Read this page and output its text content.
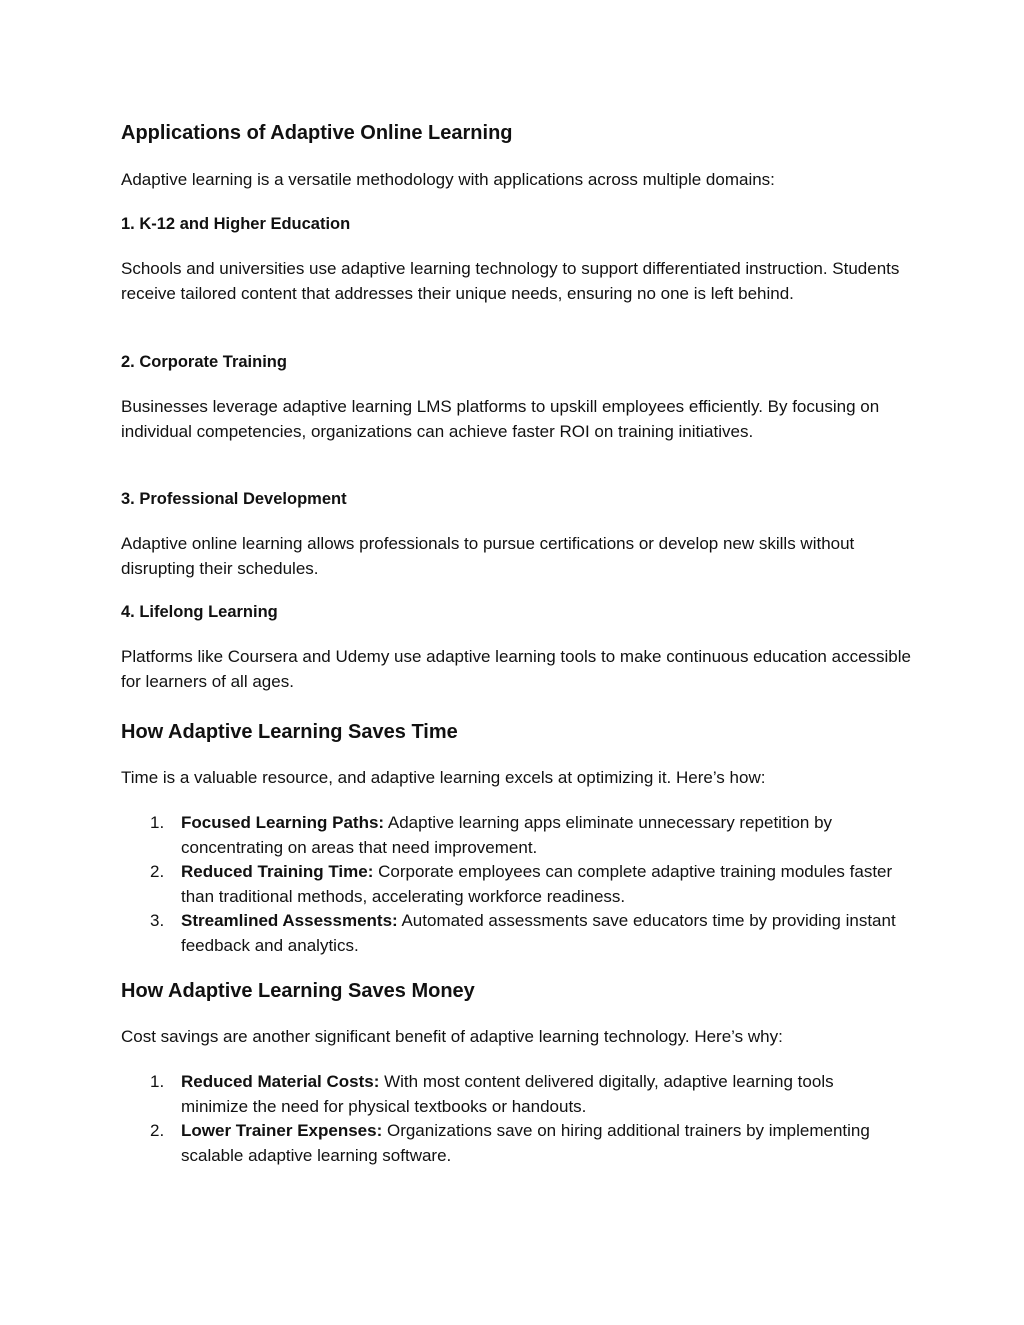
Applications of Adaptive Online Learning

Adaptive learning is a versatile methodology with applications across multiple domains:

1. K-12 and Higher Education

Schools and universities use adaptive learning technology to support differentiated instruction. Students receive tailored content that addresses their unique needs, ensuring no one is left behind.

2. Corporate Training

Businesses leverage adaptive learning LMS platforms to upskill employees efficiently. By focusing on individual competencies, organizations can achieve faster ROI on training initiatives.

3. Professional Development

Adaptive online learning allows professionals to pursue certifications or develop new skills without disrupting their schedules.

4. Lifelong Learning

Platforms like Coursera and Udemy use adaptive learning tools to make continuous education accessible for learners of all ages.

How Adaptive Learning Saves Time

Time is a valuable resource, and adaptive learning excels at optimizing it. Here’s how:

1. Focused Learning Paths: Adaptive learning apps eliminate unnecessary repetition by concentrating on areas that need improvement.
2. Reduced Training Time: Corporate employees can complete adaptive training modules faster than traditional methods, accelerating workforce readiness.
3. Streamlined Assessments: Automated assessments save educators time by providing instant feedback and analytics.
How Adaptive Learning Saves Money

Cost savings are another significant benefit of adaptive learning technology. Here’s why:

1. Reduced Material Costs: With most content delivered digitally, adaptive learning tools minimize the need for physical textbooks or handouts.
2. Lower Trainer Expenses: Organizations save on hiring additional trainers by implementing scalable adaptive learning software.
